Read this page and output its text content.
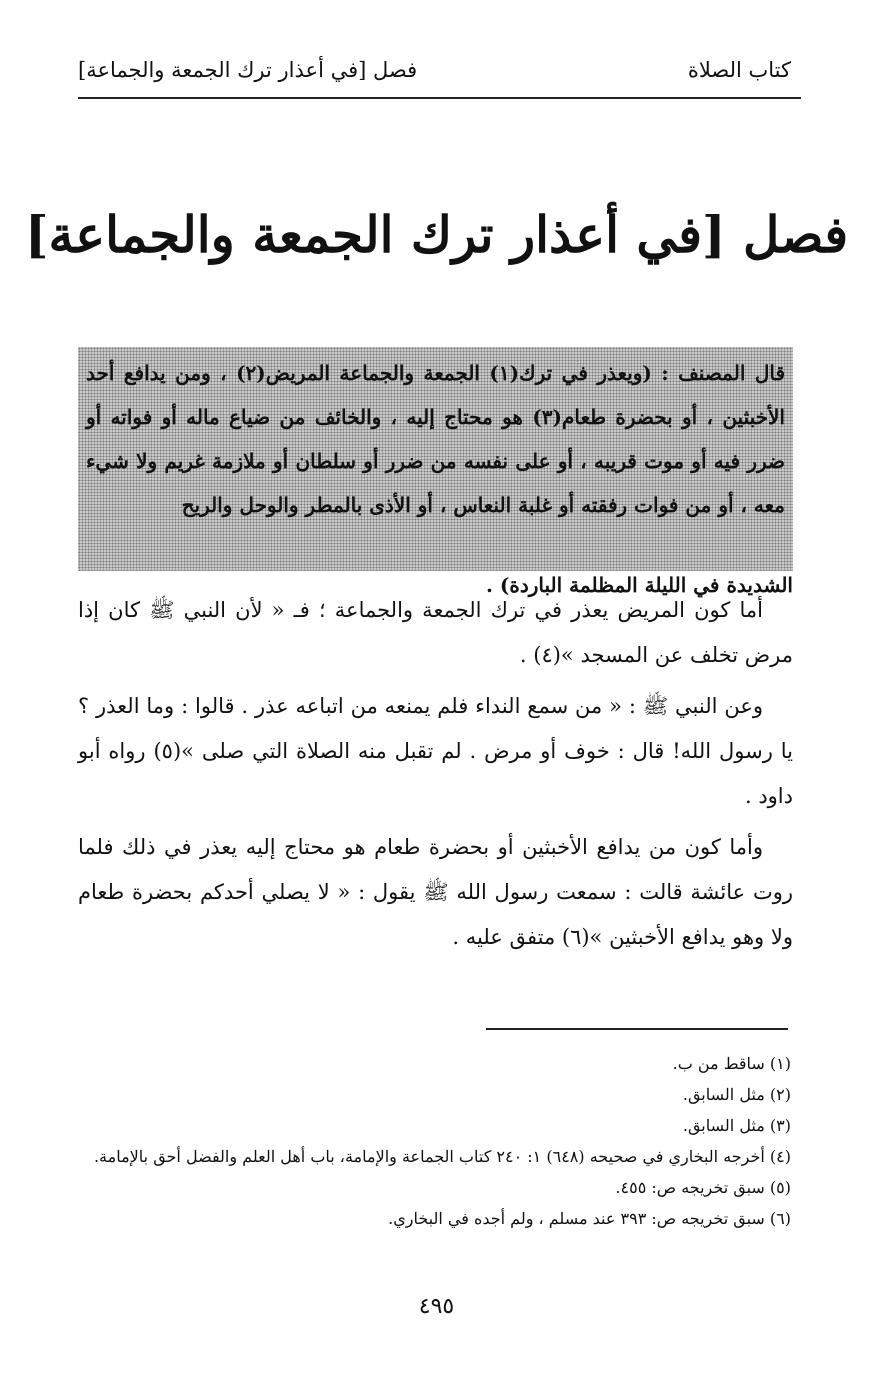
كتاب الصلاة
فصل [في أعذار ترك الجمعة والجماعة]
فصل [في أعذار ترك الجمعة والجماعة]
قال المصنف : (ويعذر في ترك(١) الجمعة والجماعة المريض(٢) ، ومن يدافع أحد الأخبثين ، أو بحضرة طعام(٣) هو محتاج إليه ، والخائف من ضياع ماله أو فواته أو ضرر فيه أو موت قريبه ، أو على نفسه من ضرر أو سلطان أو ملازمة غريم ولا شيء معه ، أو من فوات رفقته أو غلبة النعاس ، أو الأذى بالمطر والوحل والريح
الشديدة في الليلة المظلمة الباردة) .

أما كون المريض يعذر في ترك الجمعة والجماعة ؛ فـ « لأن النبي ﷺ كان إذا مرض تخلف عن المسجد »(٤) .

وعن النبي ﷺ : « من سمع النداء فلم يمنعه من اتباعه عذر . قالوا : وما العذر ؟ يا رسول الله! قال : خوف أو مرض . لم تقبل منه الصلاة التي صلى »(٥) رواه أبو داود .

وأما كون من يدافع الأخبثين أو بحضرة طعام هو محتاج إليه يعذر في ذلك فلما روت عائشة قالت : سمعت رسول الله ﷺ يقول : « لا يصلي أحدكم بحضرة طعام ولا وهو يدافع الأخبثين »(٦) متفق عليه .

(١) ساقط من ب.
(٢) مثل السابق.
(٣) مثل السابق.
(٤) أخرجه البخاري في صحيحه (٦٤٨) ١: ٢٤٠ كتاب الجماعة والإمامة، باب أهل العلم والفضل أحق بالإمامة.
(٥) سبق تخريجه ص: ٤٥٥.
(٦) سبق تخريجه ص: ٣٩٣ عند مسلم ، ولم أجده في البخاري.
٤٩٥
